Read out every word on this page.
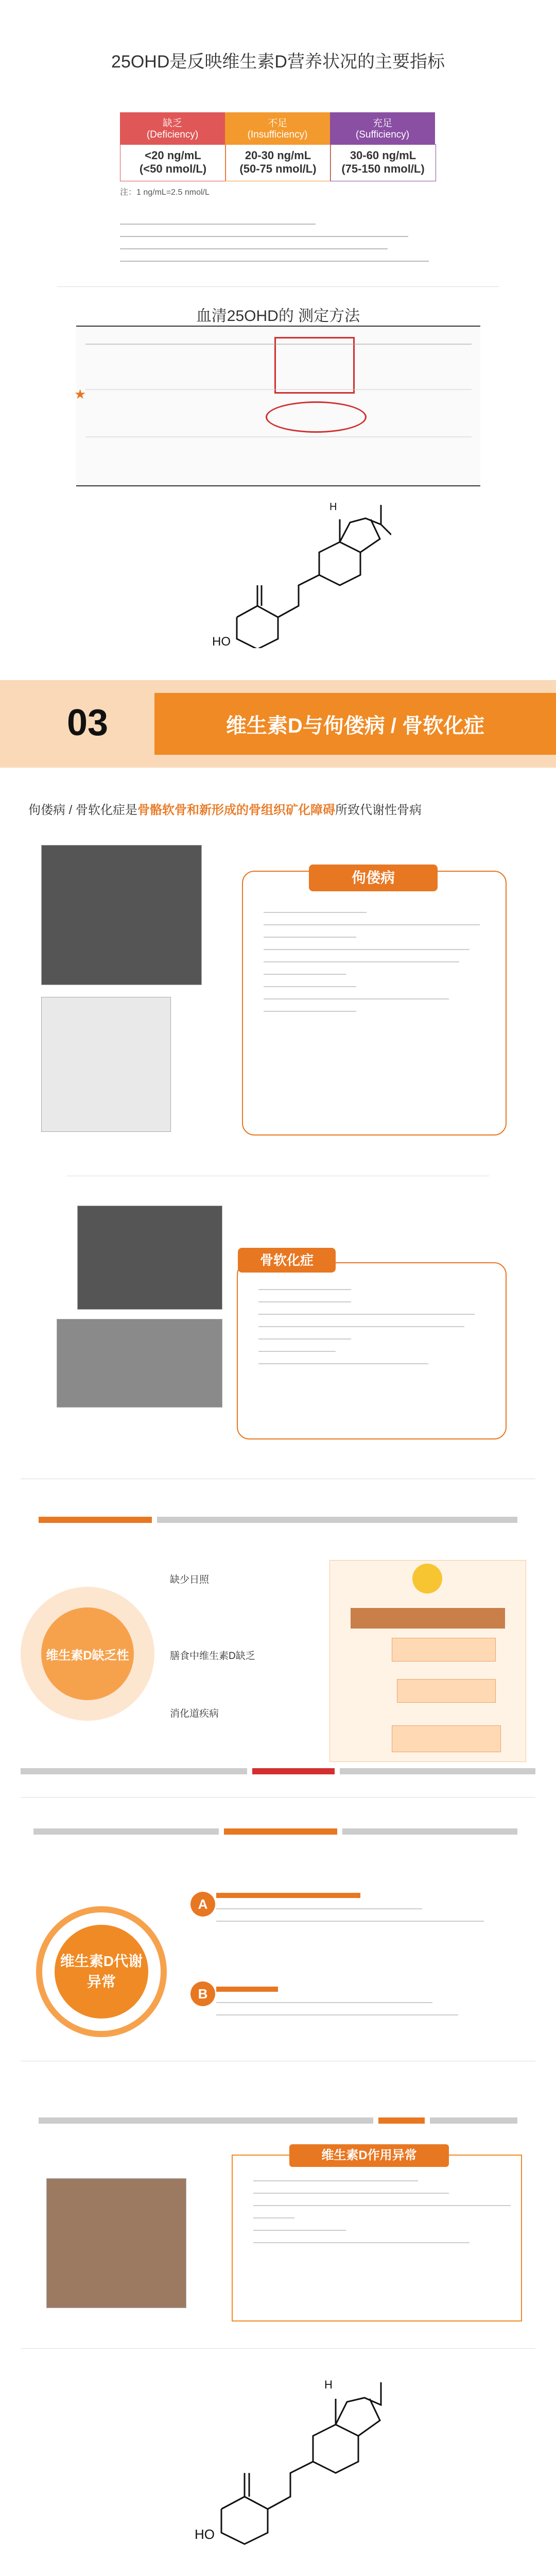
25OHD是反映维生素D营养状况的主要指标
缺乏
(Deficiency)
不足
(Insufficiency)
充足
(Sufficiency)
<20 ng/mL
(<50 nmol/L)
20-30 ng/mL
(50-75 nmol/L)
30-60 ng/mL
(75-150 nmol/L)
注：1 ng/mL=2.5 nmol/L
血清25OHD的 测定方法
★
HO
H
03	维生素D与佝偻病 / 骨软化症
佝偻病 / 骨软化症是骨骼软骨和新形成的骨组织矿化障碍所致代谢性骨病
佝偻病
骨软化症
维生素D缺乏性
缺少日照
膳食中维生素D缺乏
消化道疾病
维生素D代谢异常
A
B
维生素D作用异常
HO
H
